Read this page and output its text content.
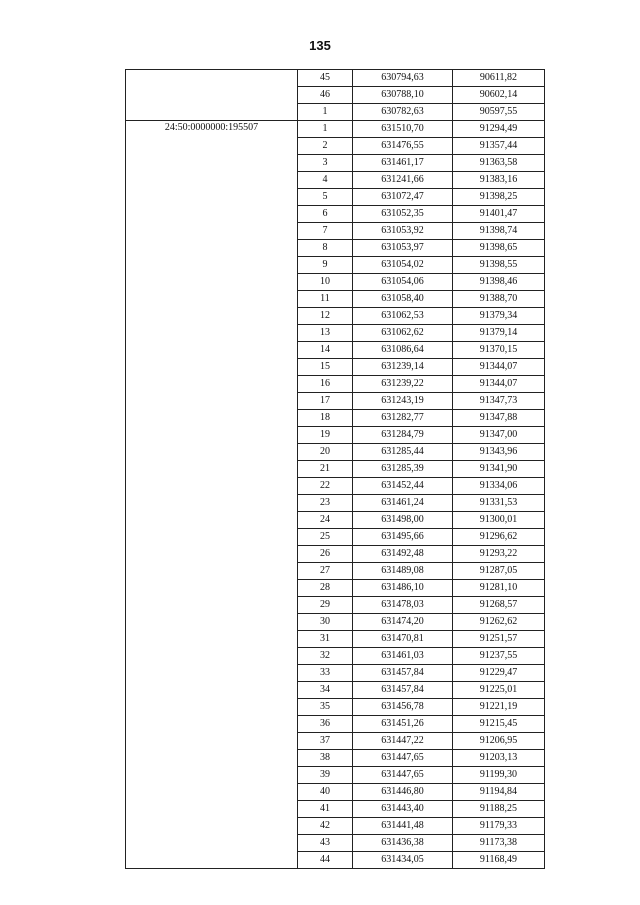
135
	45	630794,63	90611,82
	46	630788,10	90602,14
	1	630782,63	90597,55
24:50:0000000:195507	1	631510,70	91294,49
	2	631476,55	91357,44
	3	631461,17	91363,58
	4	631241,66	91383,16
	5	631072,47	91398,25
	6	631052,35	91401,47
	7	631053,92	91398,74
	8	631053,97	91398,65
	9	631054,02	91398,55
	10	631054,06	91398,46
	11	631058,40	91388,70
	12	631062,53	91379,34
	13	631062,62	91379,14
	14	631086,64	91370,15
	15	631239,14	91344,07
	16	631239,22	91344,07
	17	631243,19	91347,73
	18	631282,77	91347,88
	19	631284,79	91347,00
	20	631285,44	91343,96
	21	631285,39	91341,90
	22	631452,44	91334,06
	23	631461,24	91331,53
	24	631498,00	91300,01
	25	631495,66	91296,62
	26	631492,48	91293,22
	27	631489,08	91287,05
	28	631486,10	91281,10
	29	631478,03	91268,57
	30	631474,20	91262,62
	31	631470,81	91251,57
	32	631461,03	91237,55
	33	631457,84	91229,47
	34	631457,84	91225,01
	35	631456,78	91221,19
	36	631451,26	91215,45
	37	631447,22	91206,95
	38	631447,65	91203,13
	39	631447,65	91199,30
	40	631446,80	91194,84
	41	631443,40	91188,25
	42	631441,48	91179,33
	43	631436,38	91173,38
	44	631434,05	91168,49
